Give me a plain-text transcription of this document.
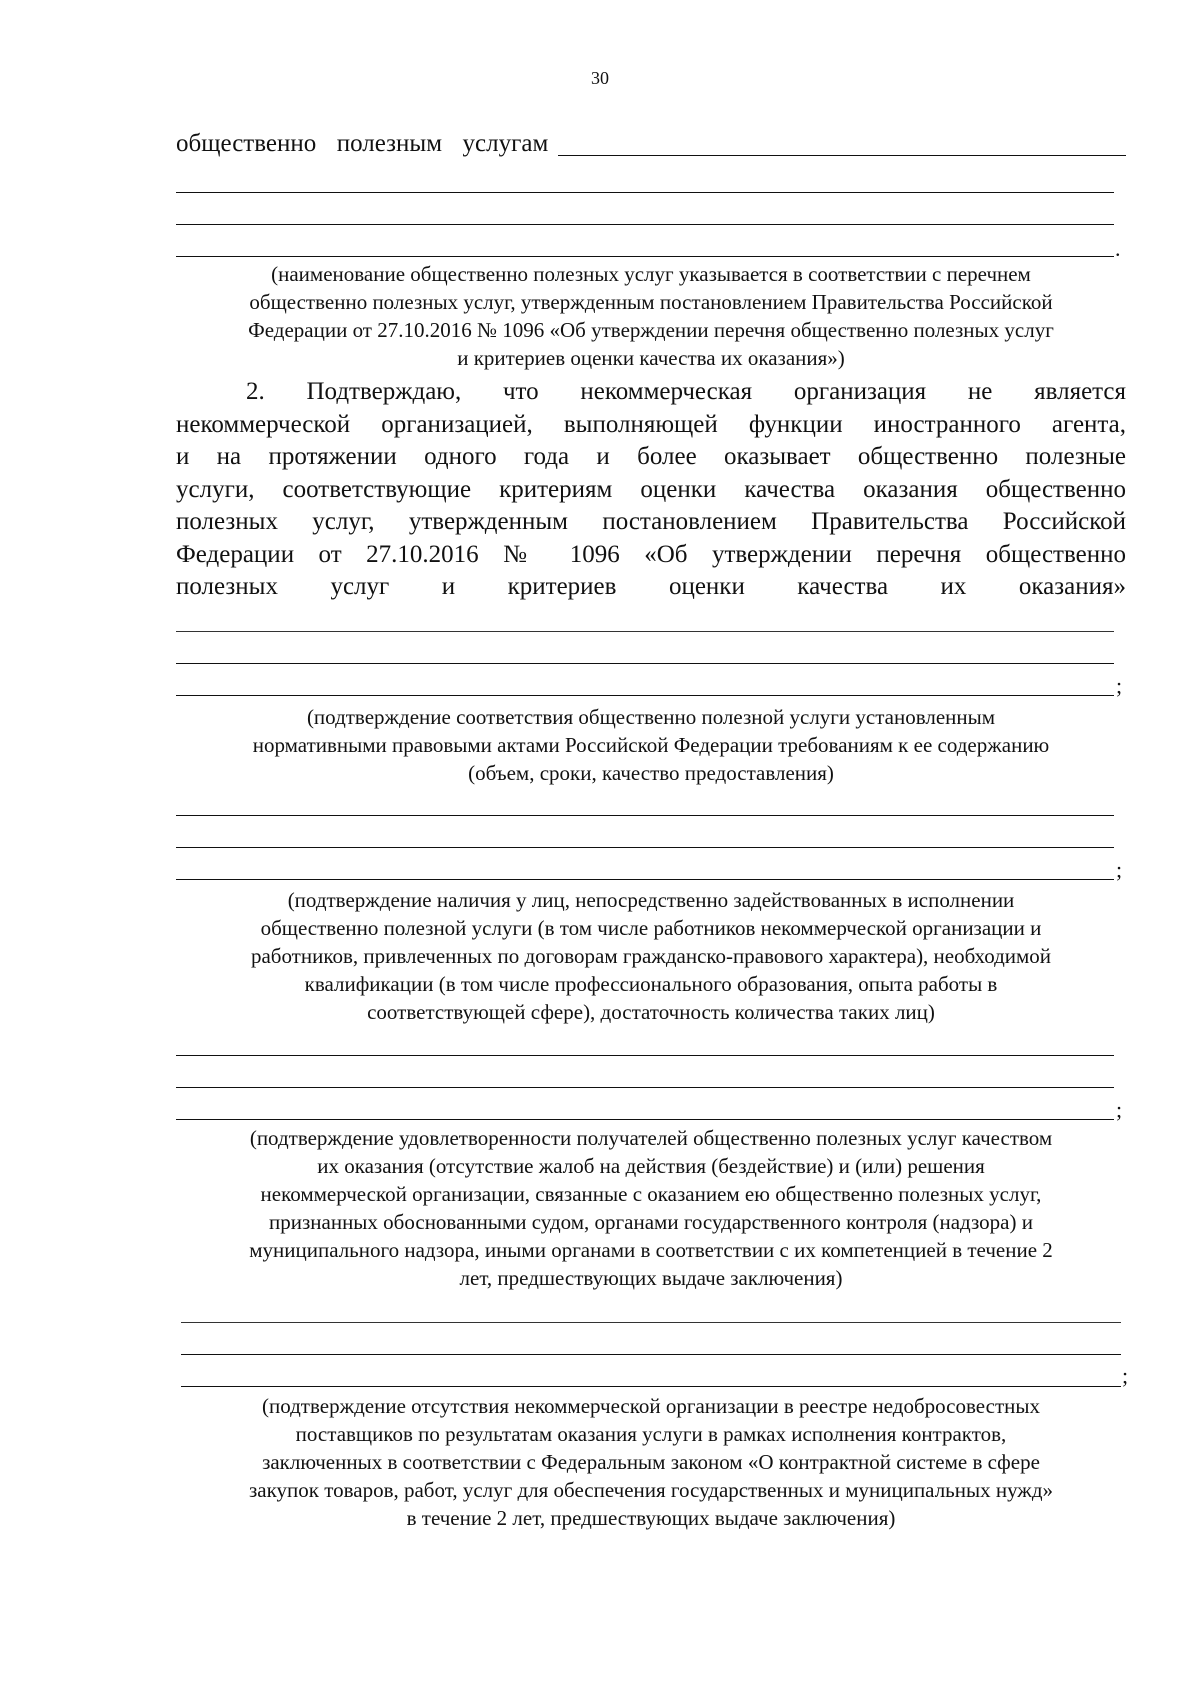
30
общественно  полезным  услугам
.
(наименование общественно полезных услуг указывается в соответствии с перечнем
общественно полезных услуг, утвержденным постановлением Правительства Российской
Федерации от 27.10.2016 № 1096 «Об утверждении перечня общественно полезных услуг
и критериев оценки качества их оказания»)
2. Подтверждаю, что некоммерческая организация не является
некоммерческой организацией, выполняющей функции иностранного агента,
и на протяжении одного года и более оказывает общественно полезные
услуги, соответствующие критериям оценки качества оказания общественно
полезных услуг, утвержденным постановлением Правительства Российской
Федерации от 27.10.2016 № 1096 «Об утверждении перечня общественно
полезных услуг и критериев оценки качества их оказания»
;
(подтверждение соответствия общественно полезной услуги установленным
нормативными правовыми актами Российской Федерации требованиям к ее содержанию
(объем, сроки, качество предоставления)
;
(подтверждение наличия у лиц, непосредственно задействованных в исполнении
общественно полезной услуги (в том числе работников некоммерческой организации и
работников, привлеченных по договорам гражданско-правового характера), необходимой
квалификации (в том числе профессионального образования, опыта работы в
соответствующей сфере), достаточность количества таких лиц)
;
(подтверждение удовлетворенности получателей общественно полезных услуг качеством
их оказания (отсутствие жалоб на действия (бездействие) и (или) решения
некоммерческой организации, связанные с оказанием ею общественно полезных услуг,
признанных обоснованными судом, органами государственного контроля (надзора) и
муниципального надзора, иными органами в соответствии с их компетенцией в течение 2
лет, предшествующих выдаче заключения)
;
(подтверждение отсутствия некоммерческой организации в реестре недобросовестных
поставщиков по результатам оказания услуги в рамках исполнения контрактов,
заключенных в соответствии с Федеральным законом «О контрактной системе в сфере
закупок товаров, работ, услуг для обеспечения государственных и муниципальных нужд»
в течение 2 лет, предшествующих выдаче заключения)
